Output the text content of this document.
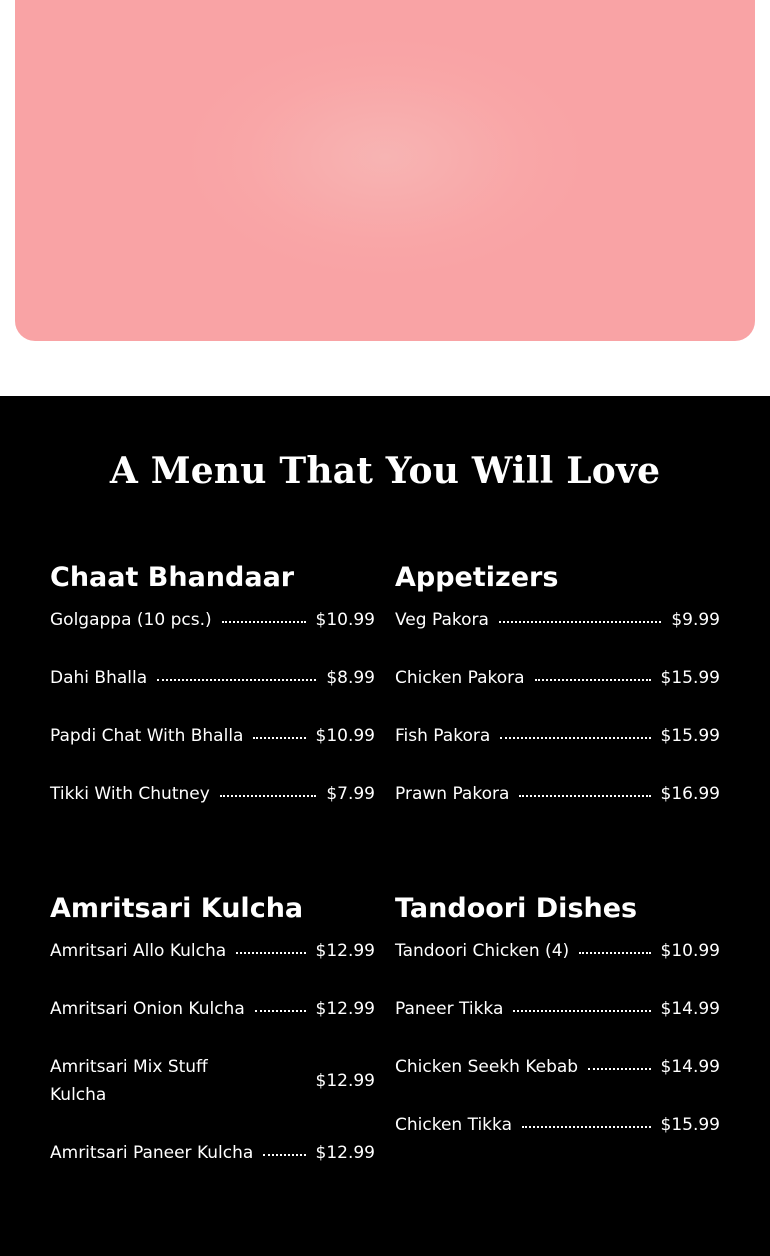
A Menu That You Will Love
Chaat Bhandaar
Golgappa (10 pcs.)	$10.99
Dahi Bhalla	$8.99
Papdi Chat With Bhalla	$10.99
Tikki With Chutney	$7.99
Appetizers
Veg Pakora	$9.99
Chicken Pakora	$15.99
Fish Pakora	$15.99
Prawn Pakora	$16.99
Amritsari Kulcha
Amritsari Allo Kulcha	$12.99
Amritsari Onion Kulcha	$12.99
Amritsari Mix Stuff Kulcha
$12.99
Amritsari Paneer Kulcha	$12.99
Tandoori Dishes
Tandoori Chicken (4)	$10.99
Paneer Tikka	$14.99
Chicken Seekh Kebab	$14.99
Chicken Tikka	$15.99
